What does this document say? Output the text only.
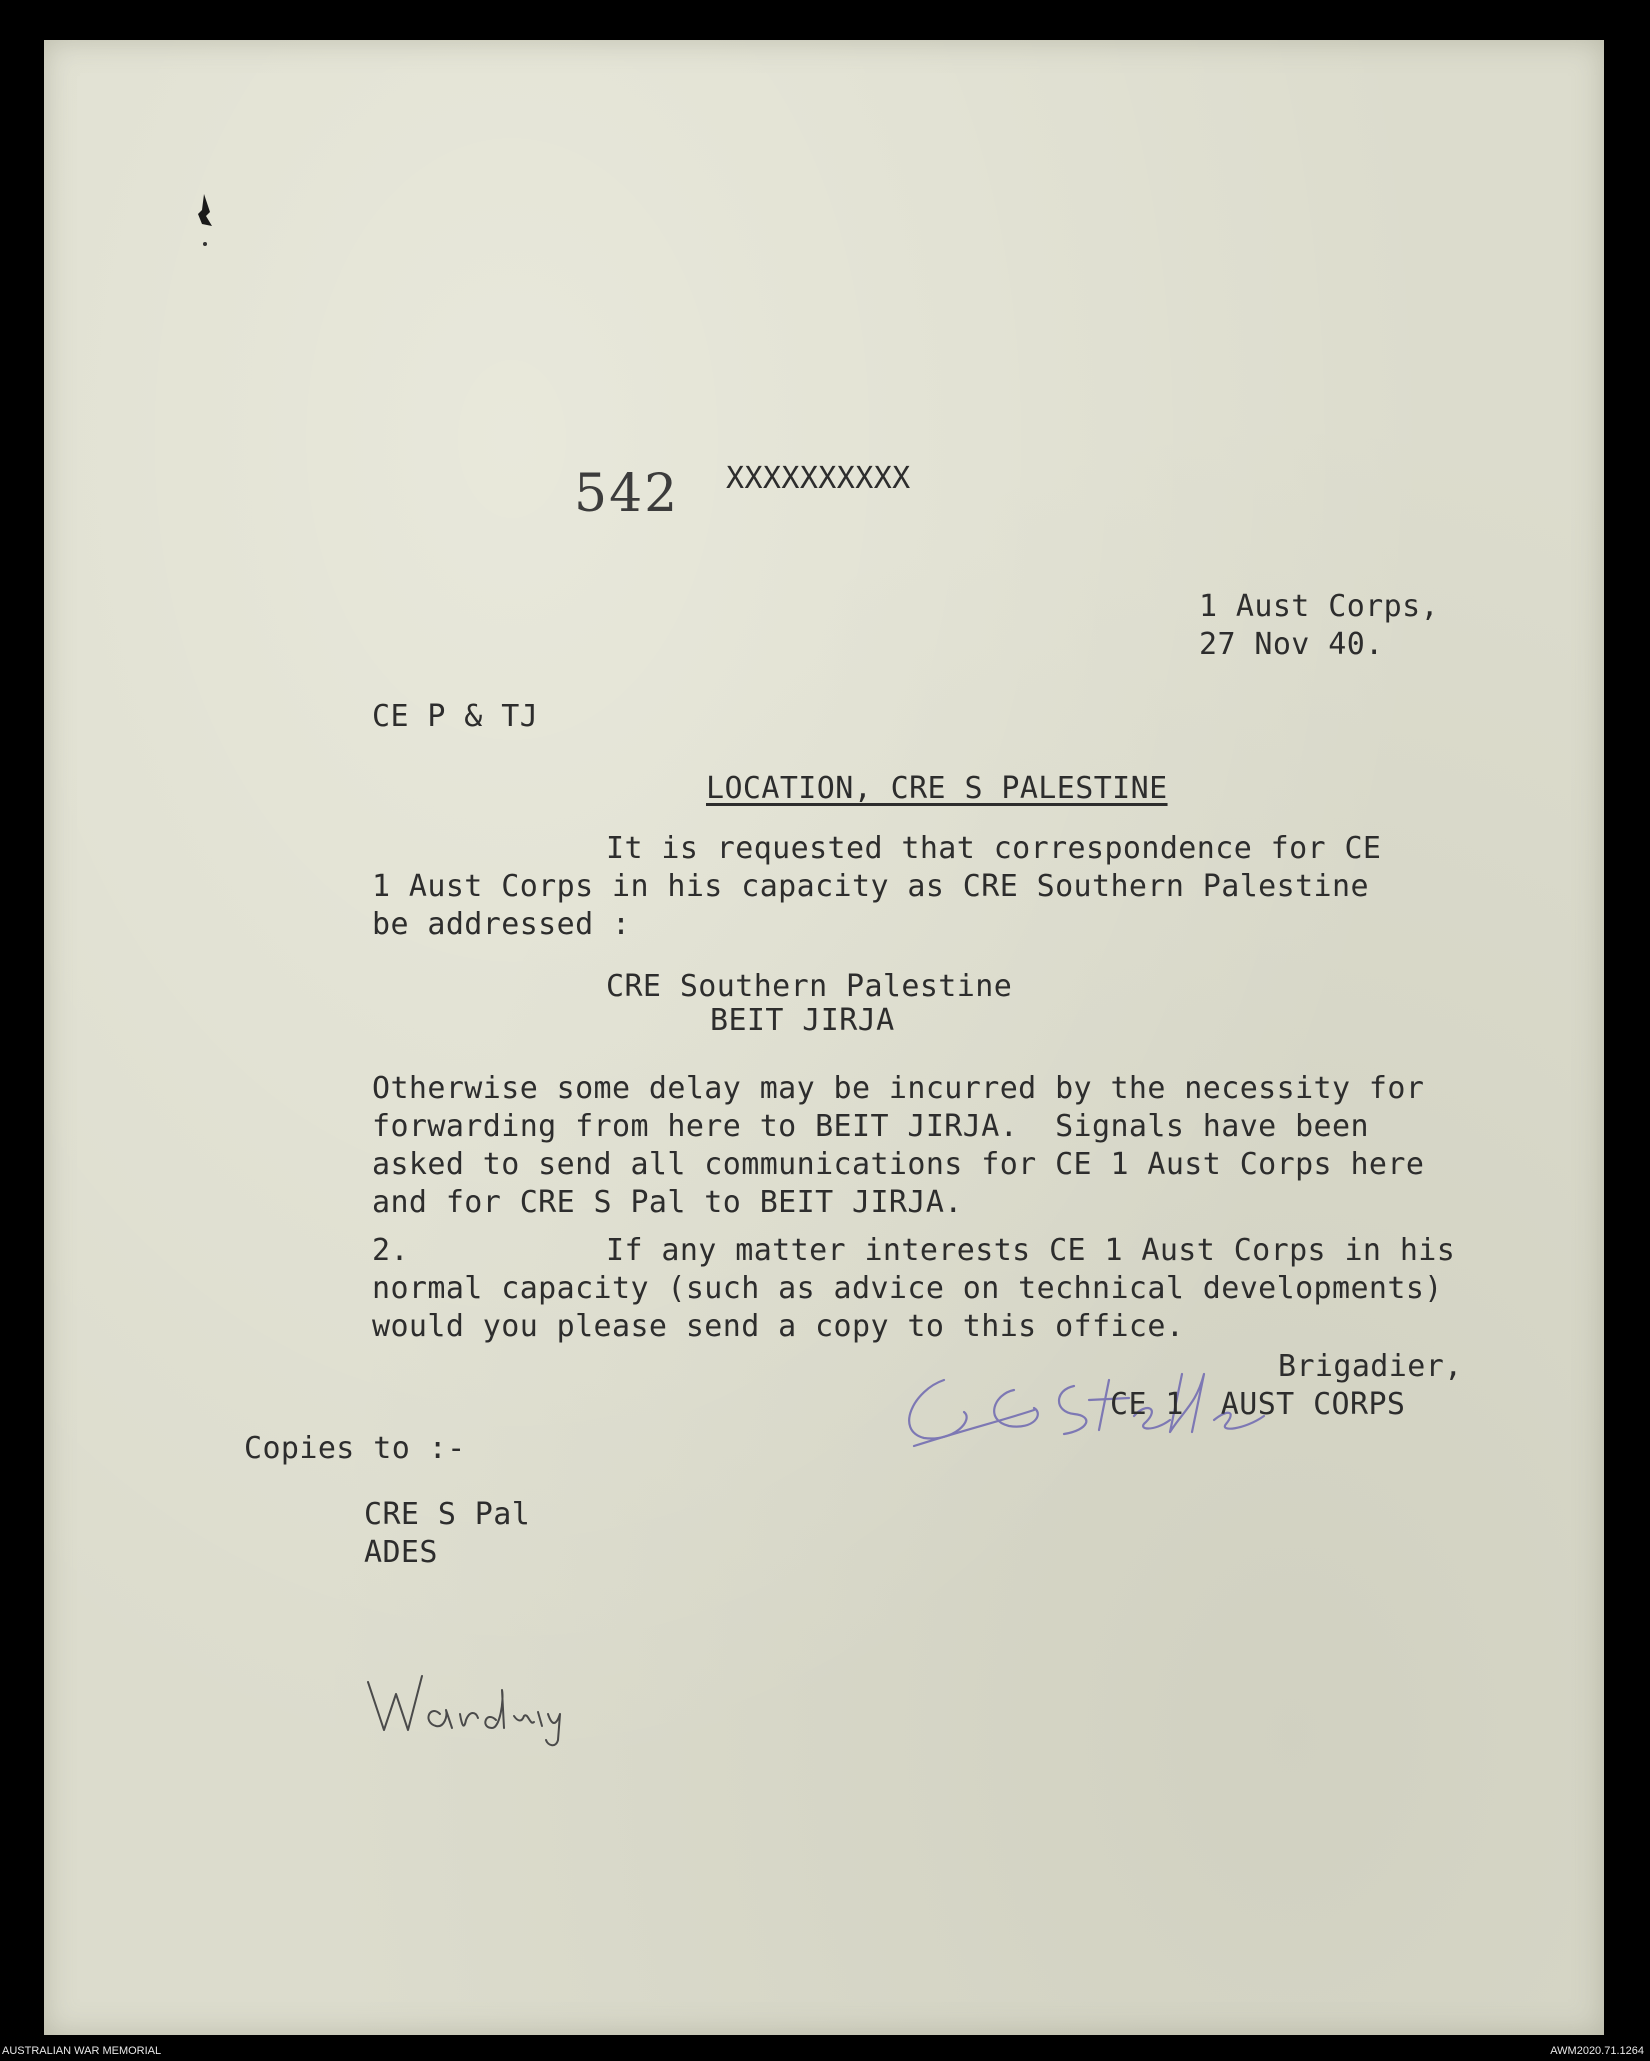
542 XXXXXXXXXX
1 Aust Corps,
27 Nov 40.
CE P & TJ
LOCATION, CRE S PALESTINE
It is requested that correspondence for CE
1 Aust Corps in his capacity as CRE Southern Palestine
be addressed :
CRE Southern Palestine
BEIT JIRJA
Otherwise some delay may be incurred by the necessity for
forwarding from here to BEIT JIRJA.  Signals have been
asked to send all communications for CE 1 Aust Corps here
and for CRE S Pal to BEIT JIRJA.
2.	If any matter interests CE 1 Aust Corps in his
normal capacity (such as advice on technical developments)
would you please send a copy to this office.
Brigadier,
CE 1  AUST CORPS
Copies to :-
CRE S Pal
ADES
AUSTRALIAN WAR MEMORIAL	AWM2020.71.1264
